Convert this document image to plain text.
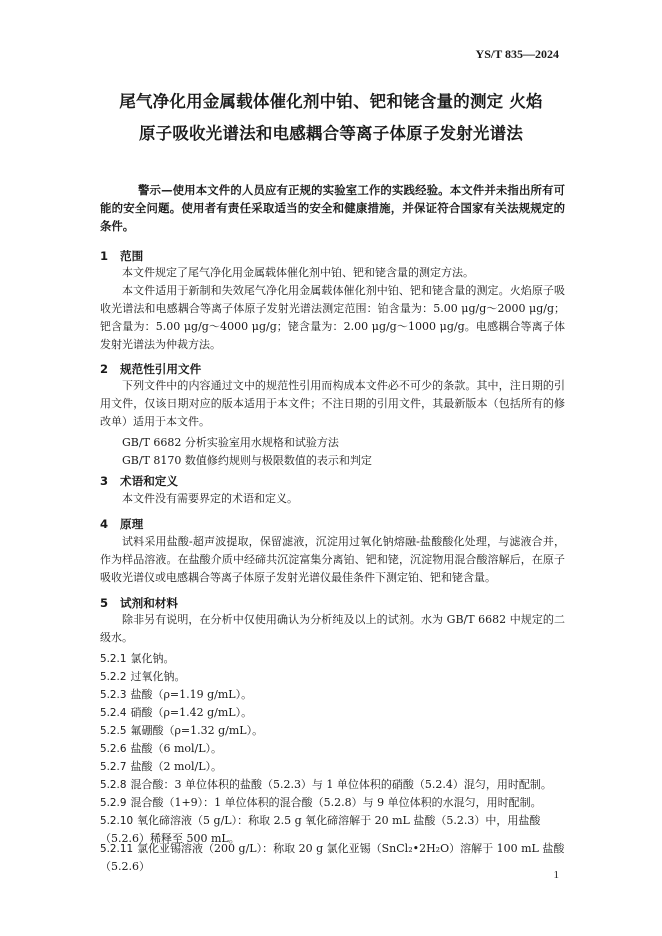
YS/T 835—2024
尾气净化用金属载体催化剂中铂、钯和铑含量的测定 火焰
原子吸收光谱法和电感耦合等离子体原子发射光谱法
警示—使用本文件的人员应有正规的实验室工作的实践经验。本文件并未指出所有可能的安全问题。使用者有责任采取适当的安全和健康措施，并保证符合国家有关法规规定的条件。
1 范围
本文件规定了尾气净化用金属载体催化剂中铂、钯和铑含量的测定方法。
本文件适用于新制和失效尾气净化用金属载体催化剂中铂、钯和铑含量的测定。火焰原子吸收光谱法和电感耦合等离子体原子发射光谱法测定范围：铂含量为：5.00 μg/g～2000 μg/g；钯含量为：5.00 μg/g～4000 μg/g；铑含量为：2.00 μg/g～1000 μg/g。电感耦合等离子体发射光谱法为仲裁方法。
2 规范性引用文件
下列文件中的内容通过文中的规范性引用而构成本文件必不可少的条款。其中，注日期的引用文件，仅该日期对应的版本适用于本文件；不注日期的引用文件，其最新版本（包括所有的修改单）适用于本文件。
GB/T 6682 分析实验室用水规格和试验方法
GB/T 8170 数值修约规则与极限数值的表示和判定
3 术语和定义
本文件没有需要界定的术语和定义。
4 原理
试料采用盐酸-超声波提取，保留滤液，沉淀用过氧化钠熔融-盐酸酸化处理，与滤液合并，作为样品溶液。在盐酸介质中经碲共沉淀富集分离铂、钯和铑，沉淀物用混合酸溶解后，在原子吸收光谱仪或电感耦合等离子体原子发射光谱仪最佳条件下测定铂、钯和铑含量。
5 试剂和材料
除非另有说明，在分析中仅使用确认为分析纯及以上的试剂。水为 GB/T 6682 中规定的二级水。
5.2.1 氯化钠。
5.2.2 过氧化钠。
5.2.3 盐酸（ρ=1.19 g/mL）。
5.2.4 硝酸（ρ=1.42 g/mL）。
5.2.5 氟硼酸（ρ=1.32 g/mL）。
5.2.6 盐酸（6 mol/L）。
5.2.7 盐酸（2 mol/L）。
5.2.8 混合酸：3 单位体积的盐酸（5.2.3）与 1 单位体积的硝酸（5.2.4）混匀，用时配制。
5.2.9 混合酸（1+9）：1 单位体积的混合酸（5.2.8）与 9 单位体积的水混匀，用时配制。
5.2.10 氧化碲溶液（5 g/L）：称取 2.5 g 氧化碲溶解于 20 mL 盐酸（5.2.3）中，用盐酸（5.2.6）稀释至 500 mL。
5.2.11 氯化亚锡溶液（200 g/L）：称取 20 g 氯化亚锡（SnCl₂•2H₂O）溶解于 100 mL 盐酸（5.2.6）
1
